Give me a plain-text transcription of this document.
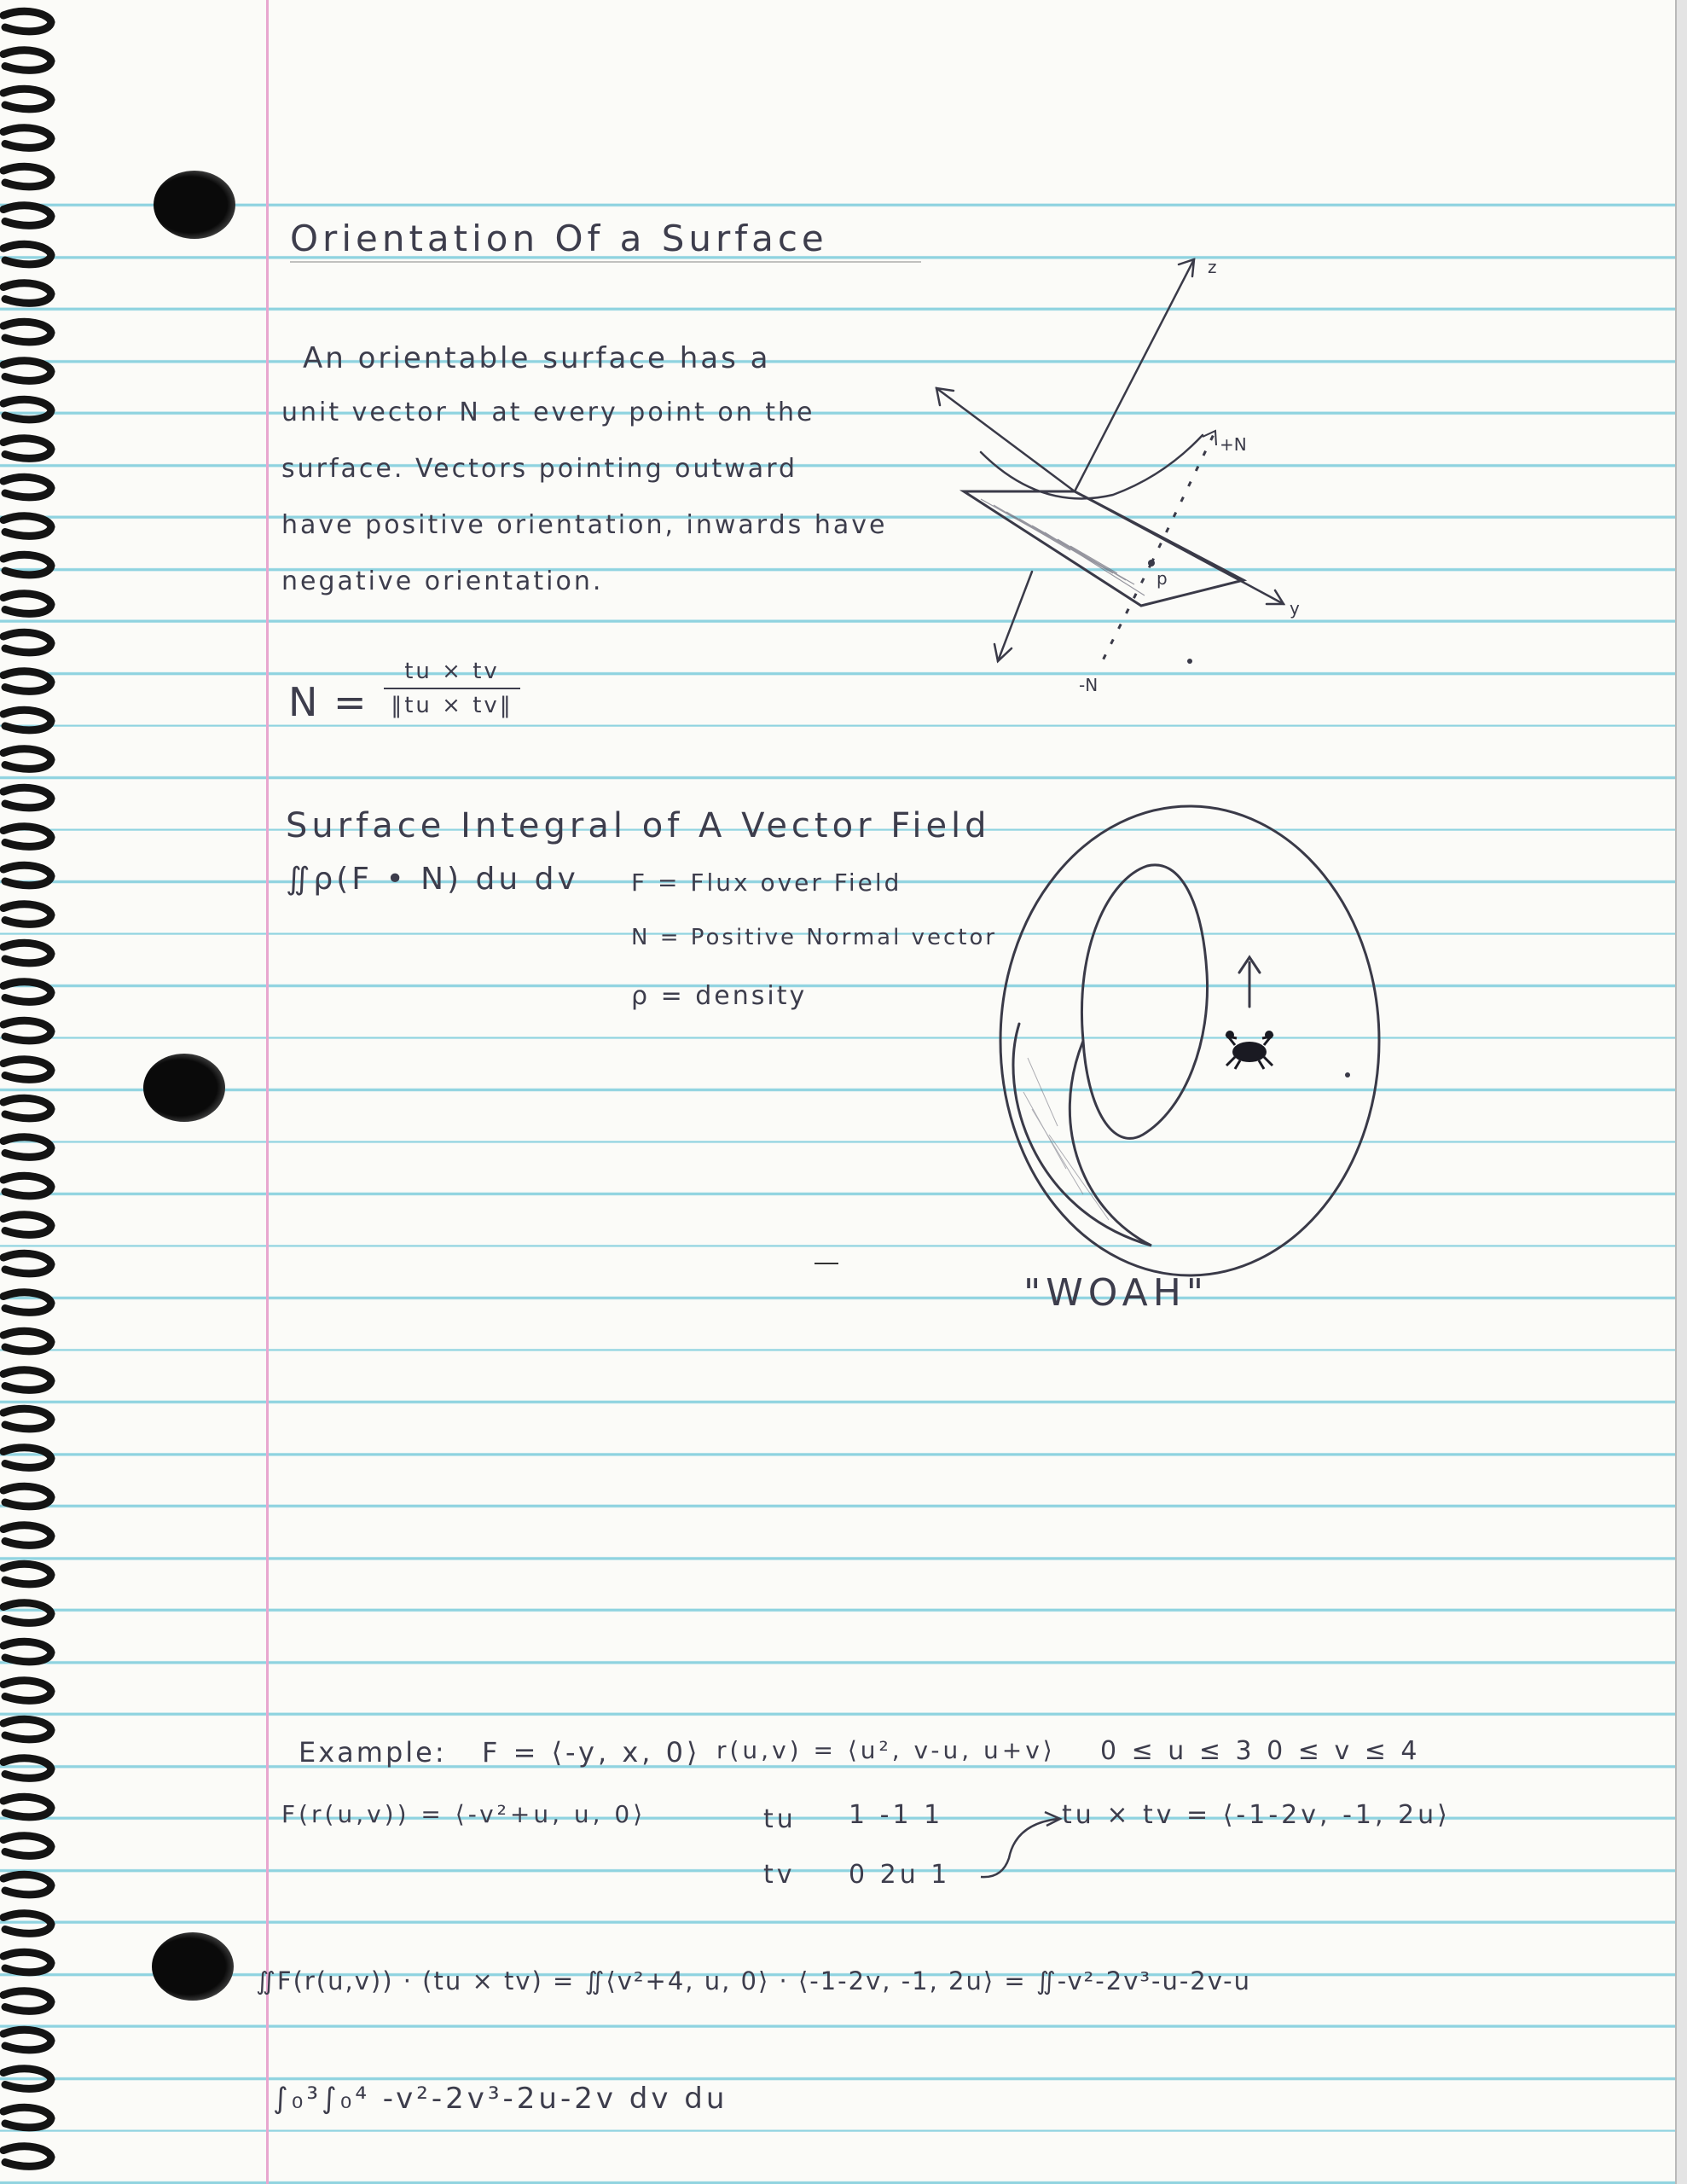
Orientation Of a Surface
An orientable surface has a
unit vector N at every point on the
surface. Vectors pointing outward
have positive orientation, inwards have
negative orientation.
N =
tu × tv
‖tu × tv‖
z
y
p
+N
-N
Surface Integral of A Vector Field
∬ρ(F • N) du dv F = Flux over Field
N = Positive Normal vector
ρ = density
"WOAH"
Example: F = ⟨-y, x, 0⟩ r(u,v) = ⟨u², v-u, u+v⟩ 0 ≤ u ≤ 3 0 ≤ v ≤ 4
F(r(u,v)) = ⟨-v²+u, u, 0⟩	tu 1 -1 1	tu × tv = ⟨-1-2v, -1, 2u⟩
tv 0 2u 1
∬F(r(u,v)) · (tu × tv) = ∬⟨v²+4, u, 0⟩ · ⟨-1-2v, -1, 2u⟩ = ∬-v²-2v³-u-2v-u
∫₀³∫₀⁴ -v²-2v³-2u-2v dv du
